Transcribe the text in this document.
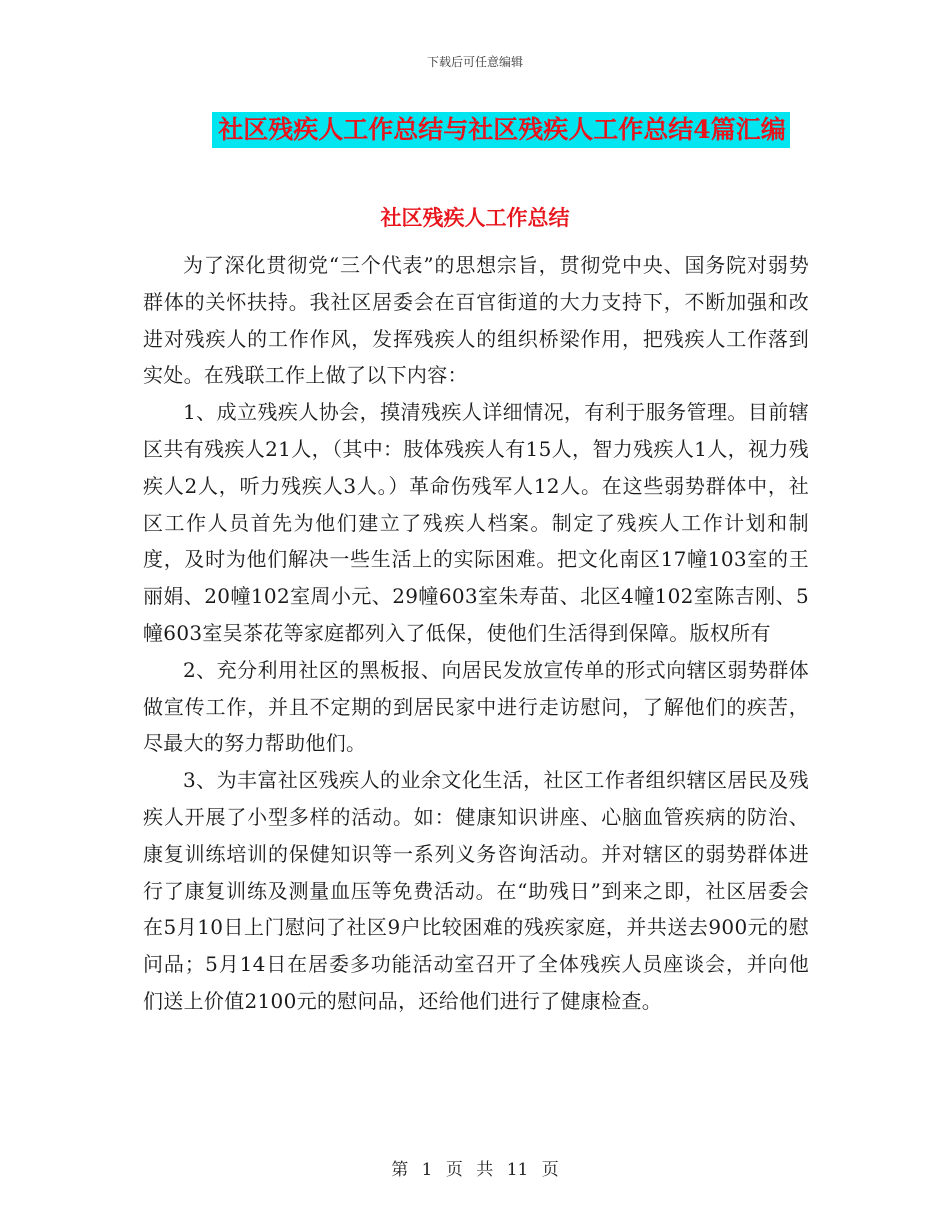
下载后可任意编辑
社区残疾人工作总结与社区残疾人工作总结4篇汇编
社区残疾人工作总结

为了深化贯彻党“三个代表”的思想宗旨，贯彻党中央、国务院对弱势群体的关怀扶持。我社区居委会在百官街道的大力支持下，不断加强和改进对残疾人的工作作风，发挥残疾人的组织桥梁作用，把残疾人工作落到实处。在残联工作上做了以下内容：

1、成立残疾人协会，摸清残疾人详细情况，有利于服务管理。目前辖区共有残疾人21人，（其中：肢体残疾人有15人，智力残疾人1人，视力残疾人2人，听力残疾人3人。）革命伤残军人12人。在这些弱势群体中，社区工作人员首先为他们建立了残疾人档案。制定了残疾人工作计划和制度，及时为他们解决一些生活上的实际困难。把文化南区17幢103室的王丽娟、20幢102室周小元、29幢603室朱寿苗、北区4幢102室陈吉刚、5幢603室吴茶花等家庭都列入了低保，使他们生活得到保障。版权所有

2、充分利用社区的黑板报、向居民发放宣传单的形式向辖区弱势群体做宣传工作，并且不定期的到居民家中进行走访慰问，了解他们的疾苦，尽最大的努力帮助他们。

3、为丰富社区残疾人的业余文化生活，社区工作者组织辖区居民及残疾人开展了小型多样的活动。如：健康知识讲座、心脑血管疾病的防治、康复训练培训的保健知识等一系列义务咨询活动。并对辖区的弱势群体进行了康复训练及测量血压等免费活动。在“助残日”到来之即，社区居委会在5月10日上门慰问了社区9户比较困难的残疾家庭，并共送去900元的慰问品；5月14日在居委多功能活动室召开了全体残疾人员座谈会，并向他们送上价值2100元的慰问品，还给他们进行了健康检查。

第 1 页 共 11 页
